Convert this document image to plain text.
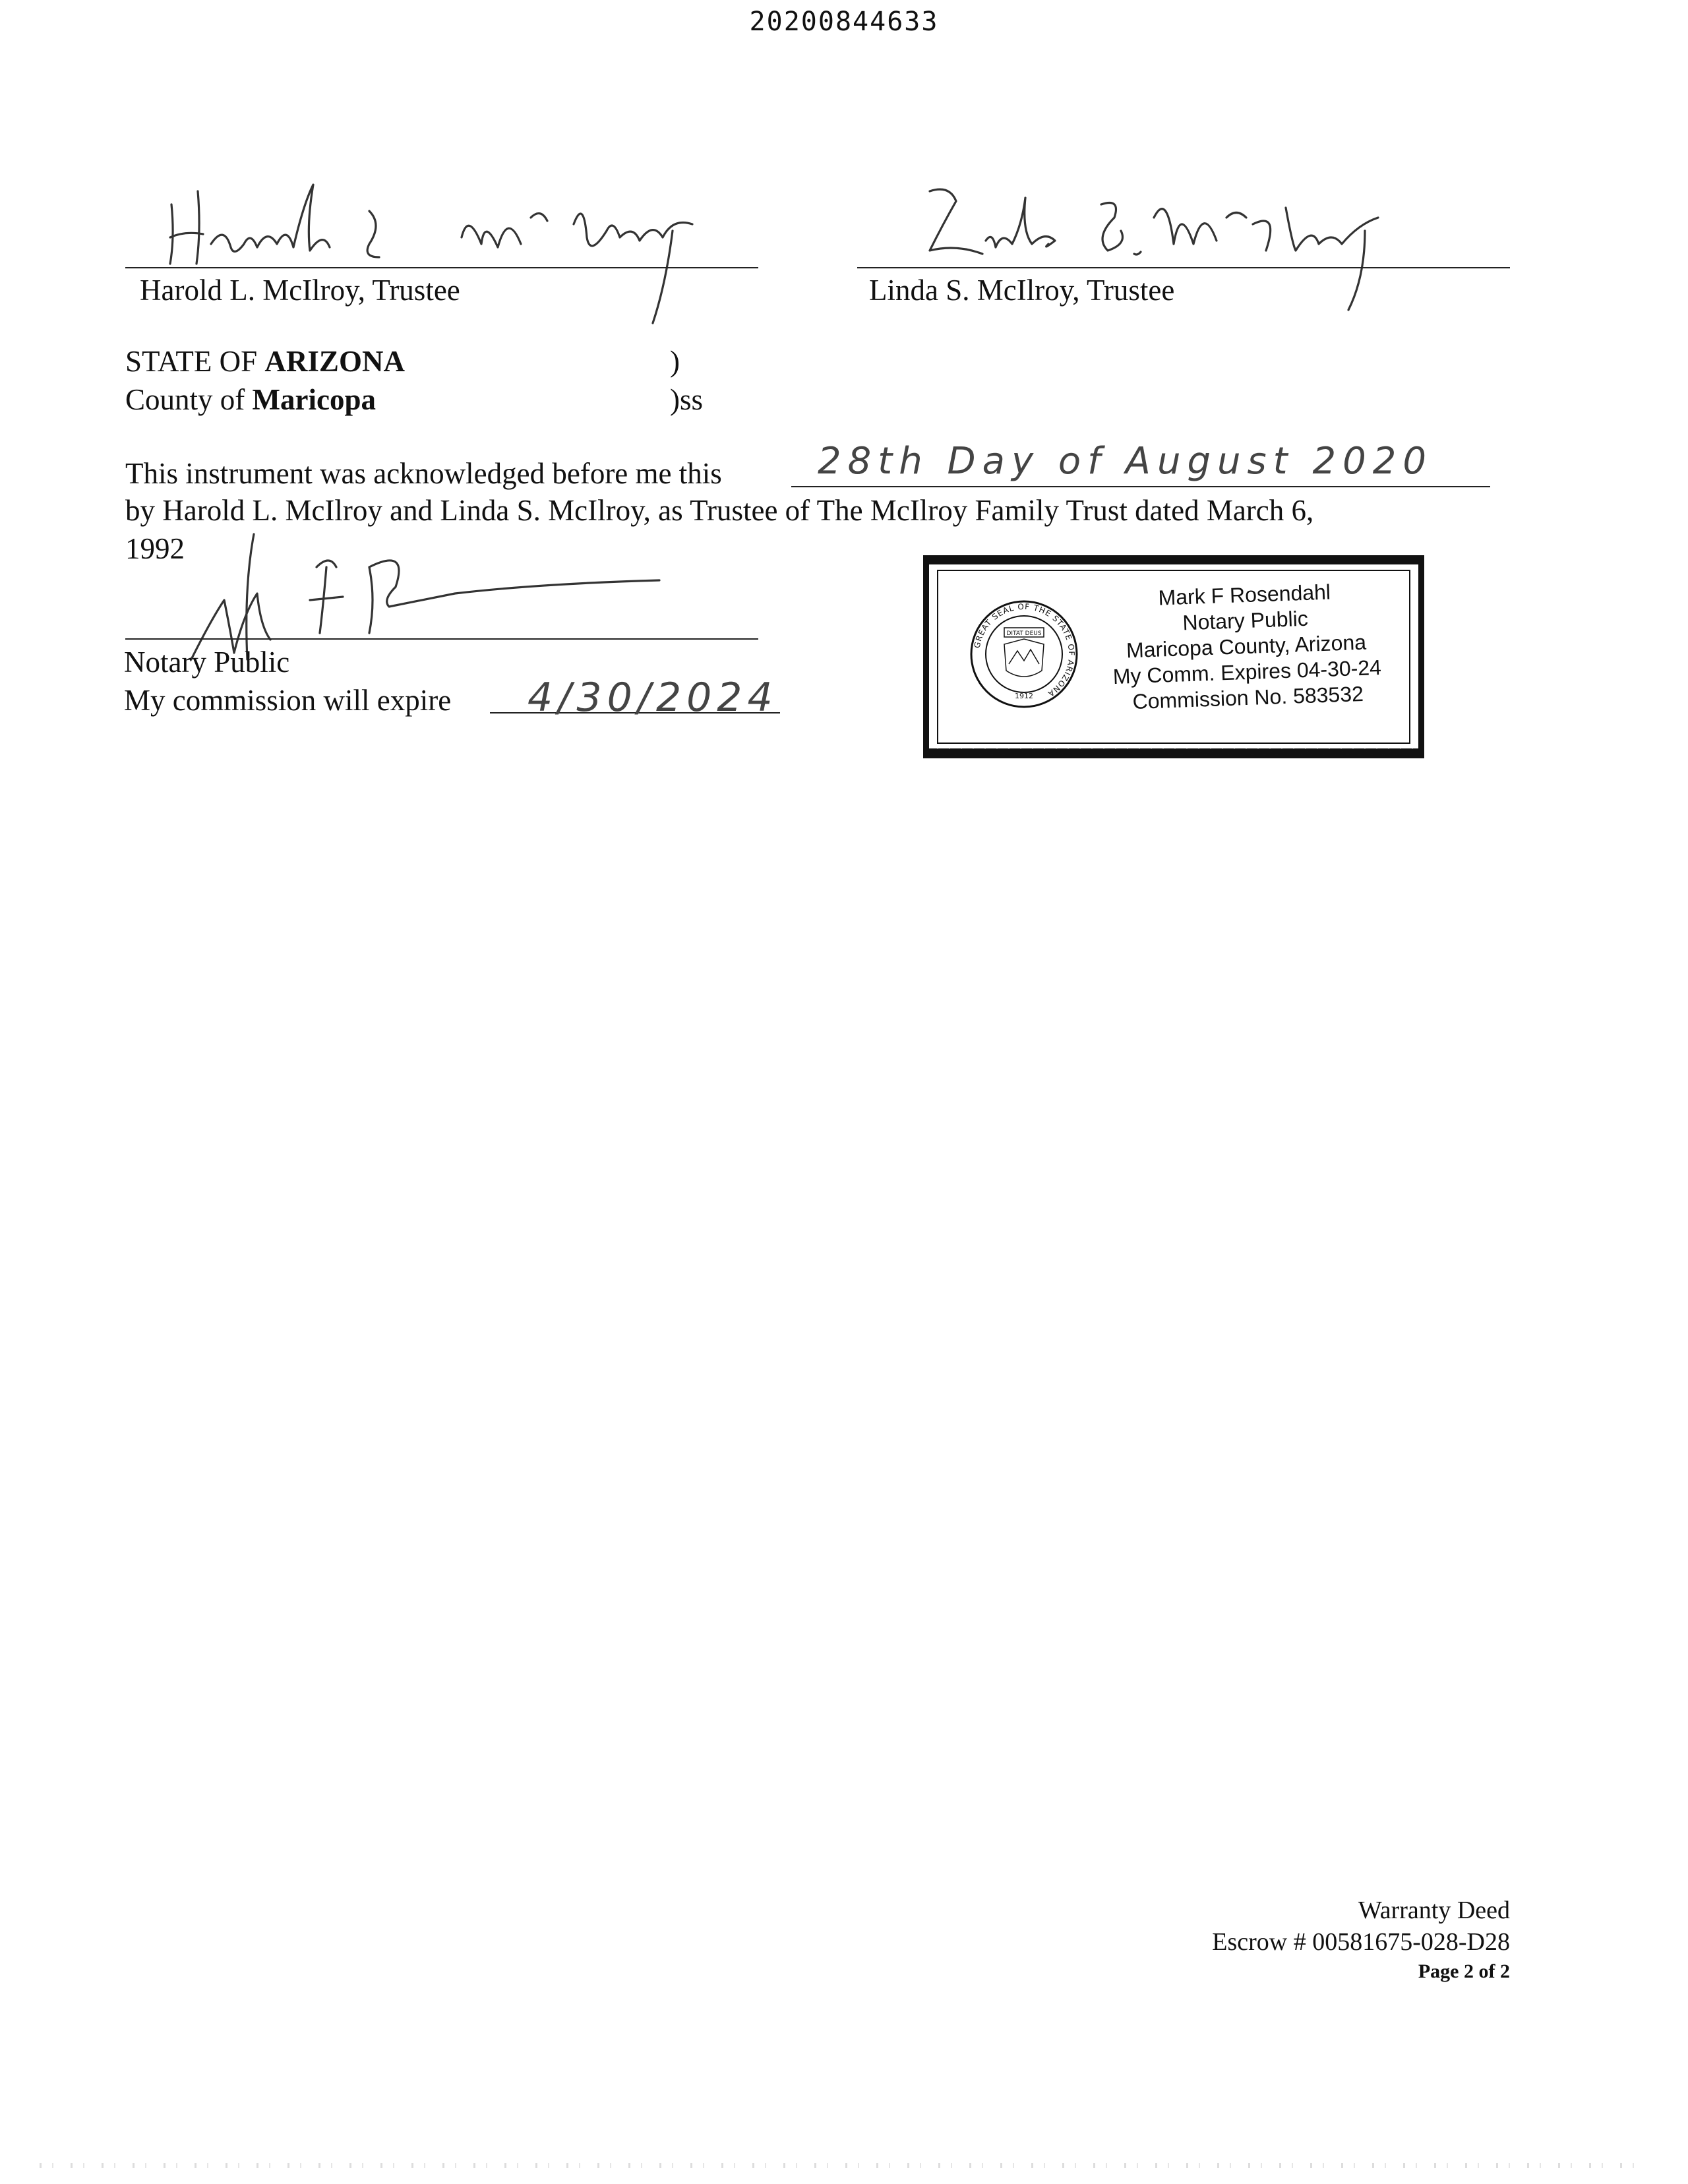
20200844633
Harold L. McIlroy, Trustee	Linda S. McIlroy, Trustee
STATE OF ARIZONA	)
County of Maricopa	)ss
This instrument was acknowledged before me this	28th Day of August 2020
by Harold L. McIlroy and Linda S. McIlroy, as Trustee of The McIlroy Family Trust dated March 6,
1992
Notary Public
My commission will expire 4/30/2024
GREAT SEAL OF THE STATE OF ARIZONA
DITAT DEUS
1912
Mark F Rosendahl
Notary Public
Maricopa County, Arizona
My Comm. Expires 04-30-24
Commission No. 583532
Warranty Deed
Escrow # 00581675-028-D28
Page 2 of 2
